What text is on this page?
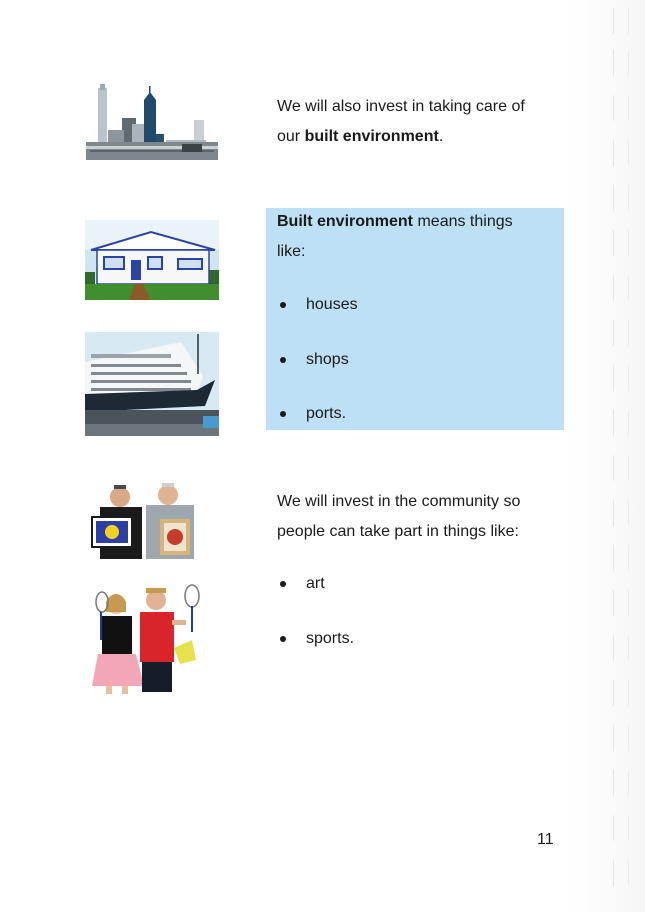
We will also invest in taking care of
our built environment.
Built environment means things
like:
houses
shops
ports.
We will invest in the community so
people can take part in things like:
art
sports.
11
